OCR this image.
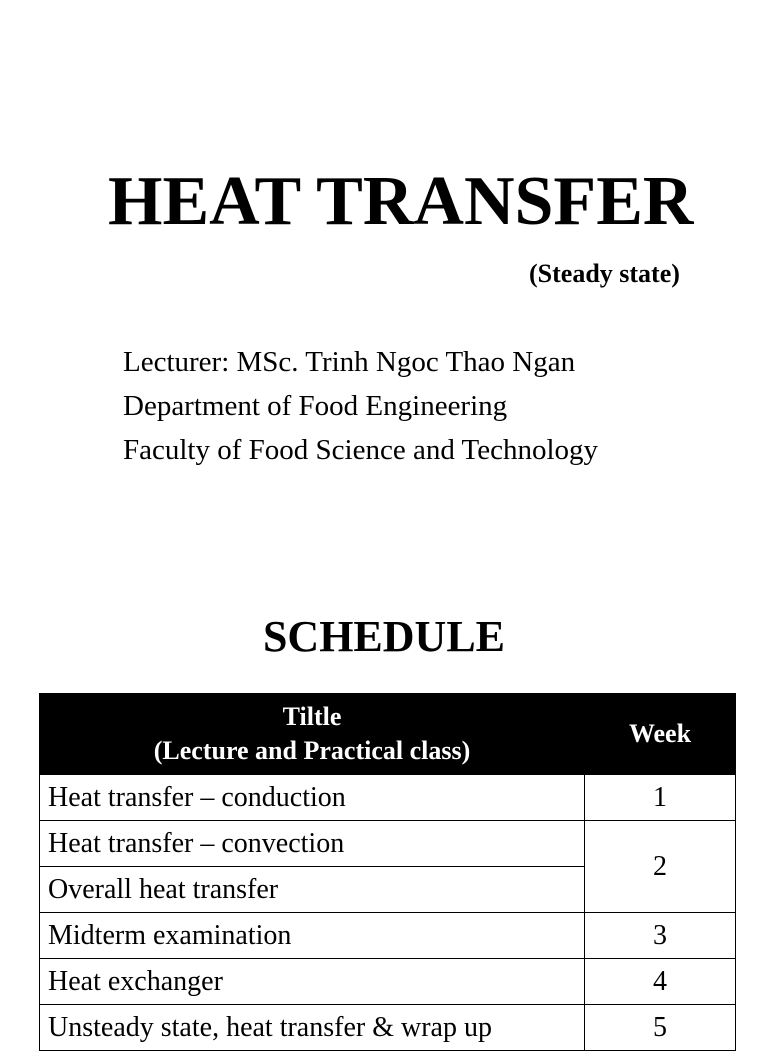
HEAT TRANSFER
(Steady state)
Lecturer: MSc. Trinh Ngoc Thao Ngan
Department of Food Engineering
Faculty of Food Science and Technology
SCHEDULE
Tiltle
(Lecture and Practical class)	Week
Heat transfer – conduction	1
Heat transfer – convection	2
Overall heat transfer	
Midterm examination	3
Heat exchanger	4
Unsteady state, heat transfer & wrap up	5
